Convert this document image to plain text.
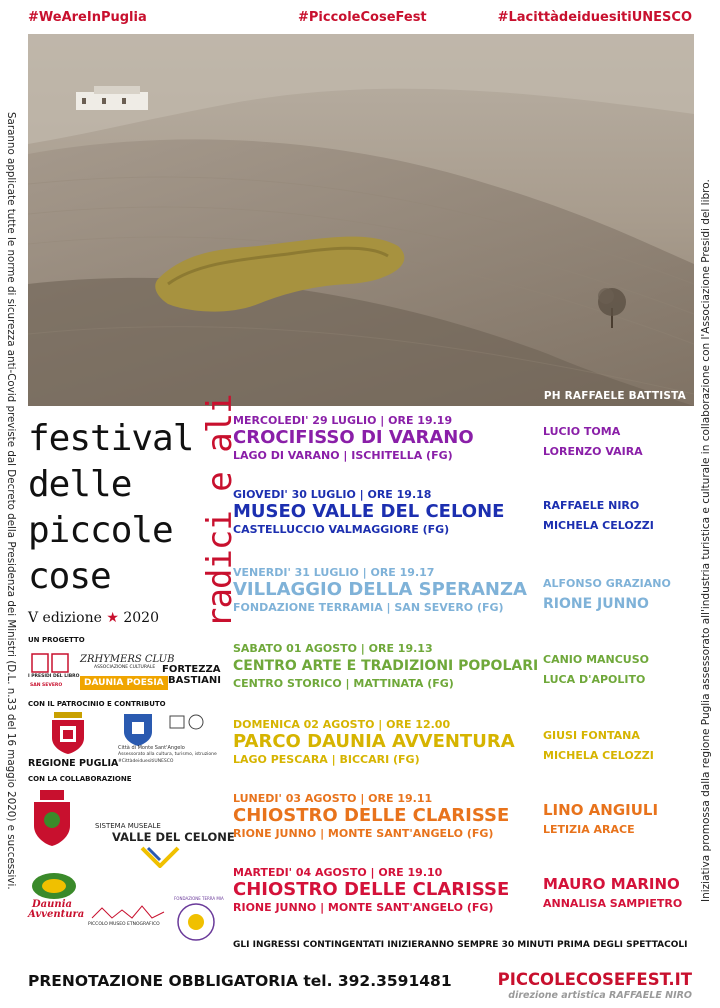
#WeAreInPuglia	#PiccoleCoseFest	#LacittàdeiduesitiUNESCO
Saranno applicate tutte le norme di sicurezza anti-Covid previste dal Decreto della Presidenza dei Ministri (D.L. n.33 del 16 maggio 2020) e successivi.	Iniziativa promossa dalla regione Puglia assessorato all'industria turistica e culturale in collaborazione con l'Associazione Presidi del libro.
PH RAFFAELE BATTISTA
festival
delle
piccole
cose
V edizione ★ 2020 radici e ali
UN PROGETTO
I PRESIDI DEL LIBRO
SAN SEVERO
ZRHYMERS CLUB
ASSOCIAZIONE CULTURALE
DAUNIA POESIA
FORTEZZA
BASTIANI
CON IL PATROCINIO E CONTRIBUTO
REGIONE PUGLIA
Città di Monte Sant'Angelo
Assessorato alla cultura, turismo, istruzione
#CittàdeiduesitiUNESCO
CON LA COLLABORAZIONE
SISTEMA MUSEALE
VALLE DEL CELONE
Daunia
Avventura
PICCOLO MUSEO ETNOGRAFICO
FONDAZIONE TERRA MIA
MERCOLEDI' 29 LUGLIO | ORE 19.19
CROCIFISSO DI VARANO
LAGO DI VARANO | ISCHITELLA (FG)
LUCIO TOMA
LORENZO VAIRA
GIOVEDI' 30 LUGLIO | ORE 19.18
MUSEO VALLE DEL CELONE
CASTELLUCCIO VALMAGGIORE (FG)
RAFFAELE NIRO
MICHELA CELOZZI
VENERDI' 31 LUGLIO | ORE 19.17
VILLAGGIO DELLA SPERANZA
FONDAZIONE TERRAMIA | SAN SEVERO (FG)
ALFONSO GRAZIANO
RIONE JUNNO
SABATO 01 AGOSTO | ORE 19.13
CENTRO ARTE E TRADIZIONI POPOLARI
CENTRO STORICO | MATTINATA (FG)
CANIO MANCUSO
LUCA D'APOLITO
DOMENICA 02 AGOSTO | ORE 12.00
PARCO DAUNIA AVVENTURA
LAGO PESCARA | BICCARI (FG)
GIUSI FONTANA
MICHELA CELOZZI
LUNEDI' 03 AGOSTO | ORE 19.11
CHIOSTRO DELLE CLARISSE
RIONE JUNNO | MONTE SANT'ANGELO (FG)
LINO ANGIULI
LETIZIA ARACE
MARTEDI' 04 AGOSTO | ORE 19.10
CHIOSTRO DELLE CLARISSE
RIONE JUNNO | MONTE SANT'ANGELO (FG)
MAURO MARINO
ANNALISA SAMPIETRO
GLI INGRESSI CONTINGENTATI INIZIERANNO SEMPRE 30 MINUTI PRIMA DEGLI SPETTACOLI
PRENOTAZIONE OBBLIGATORIA tel. 392.3591481	PICCOLECOSEFEST.IT
direzione artistica RAFFAELE NIRO
